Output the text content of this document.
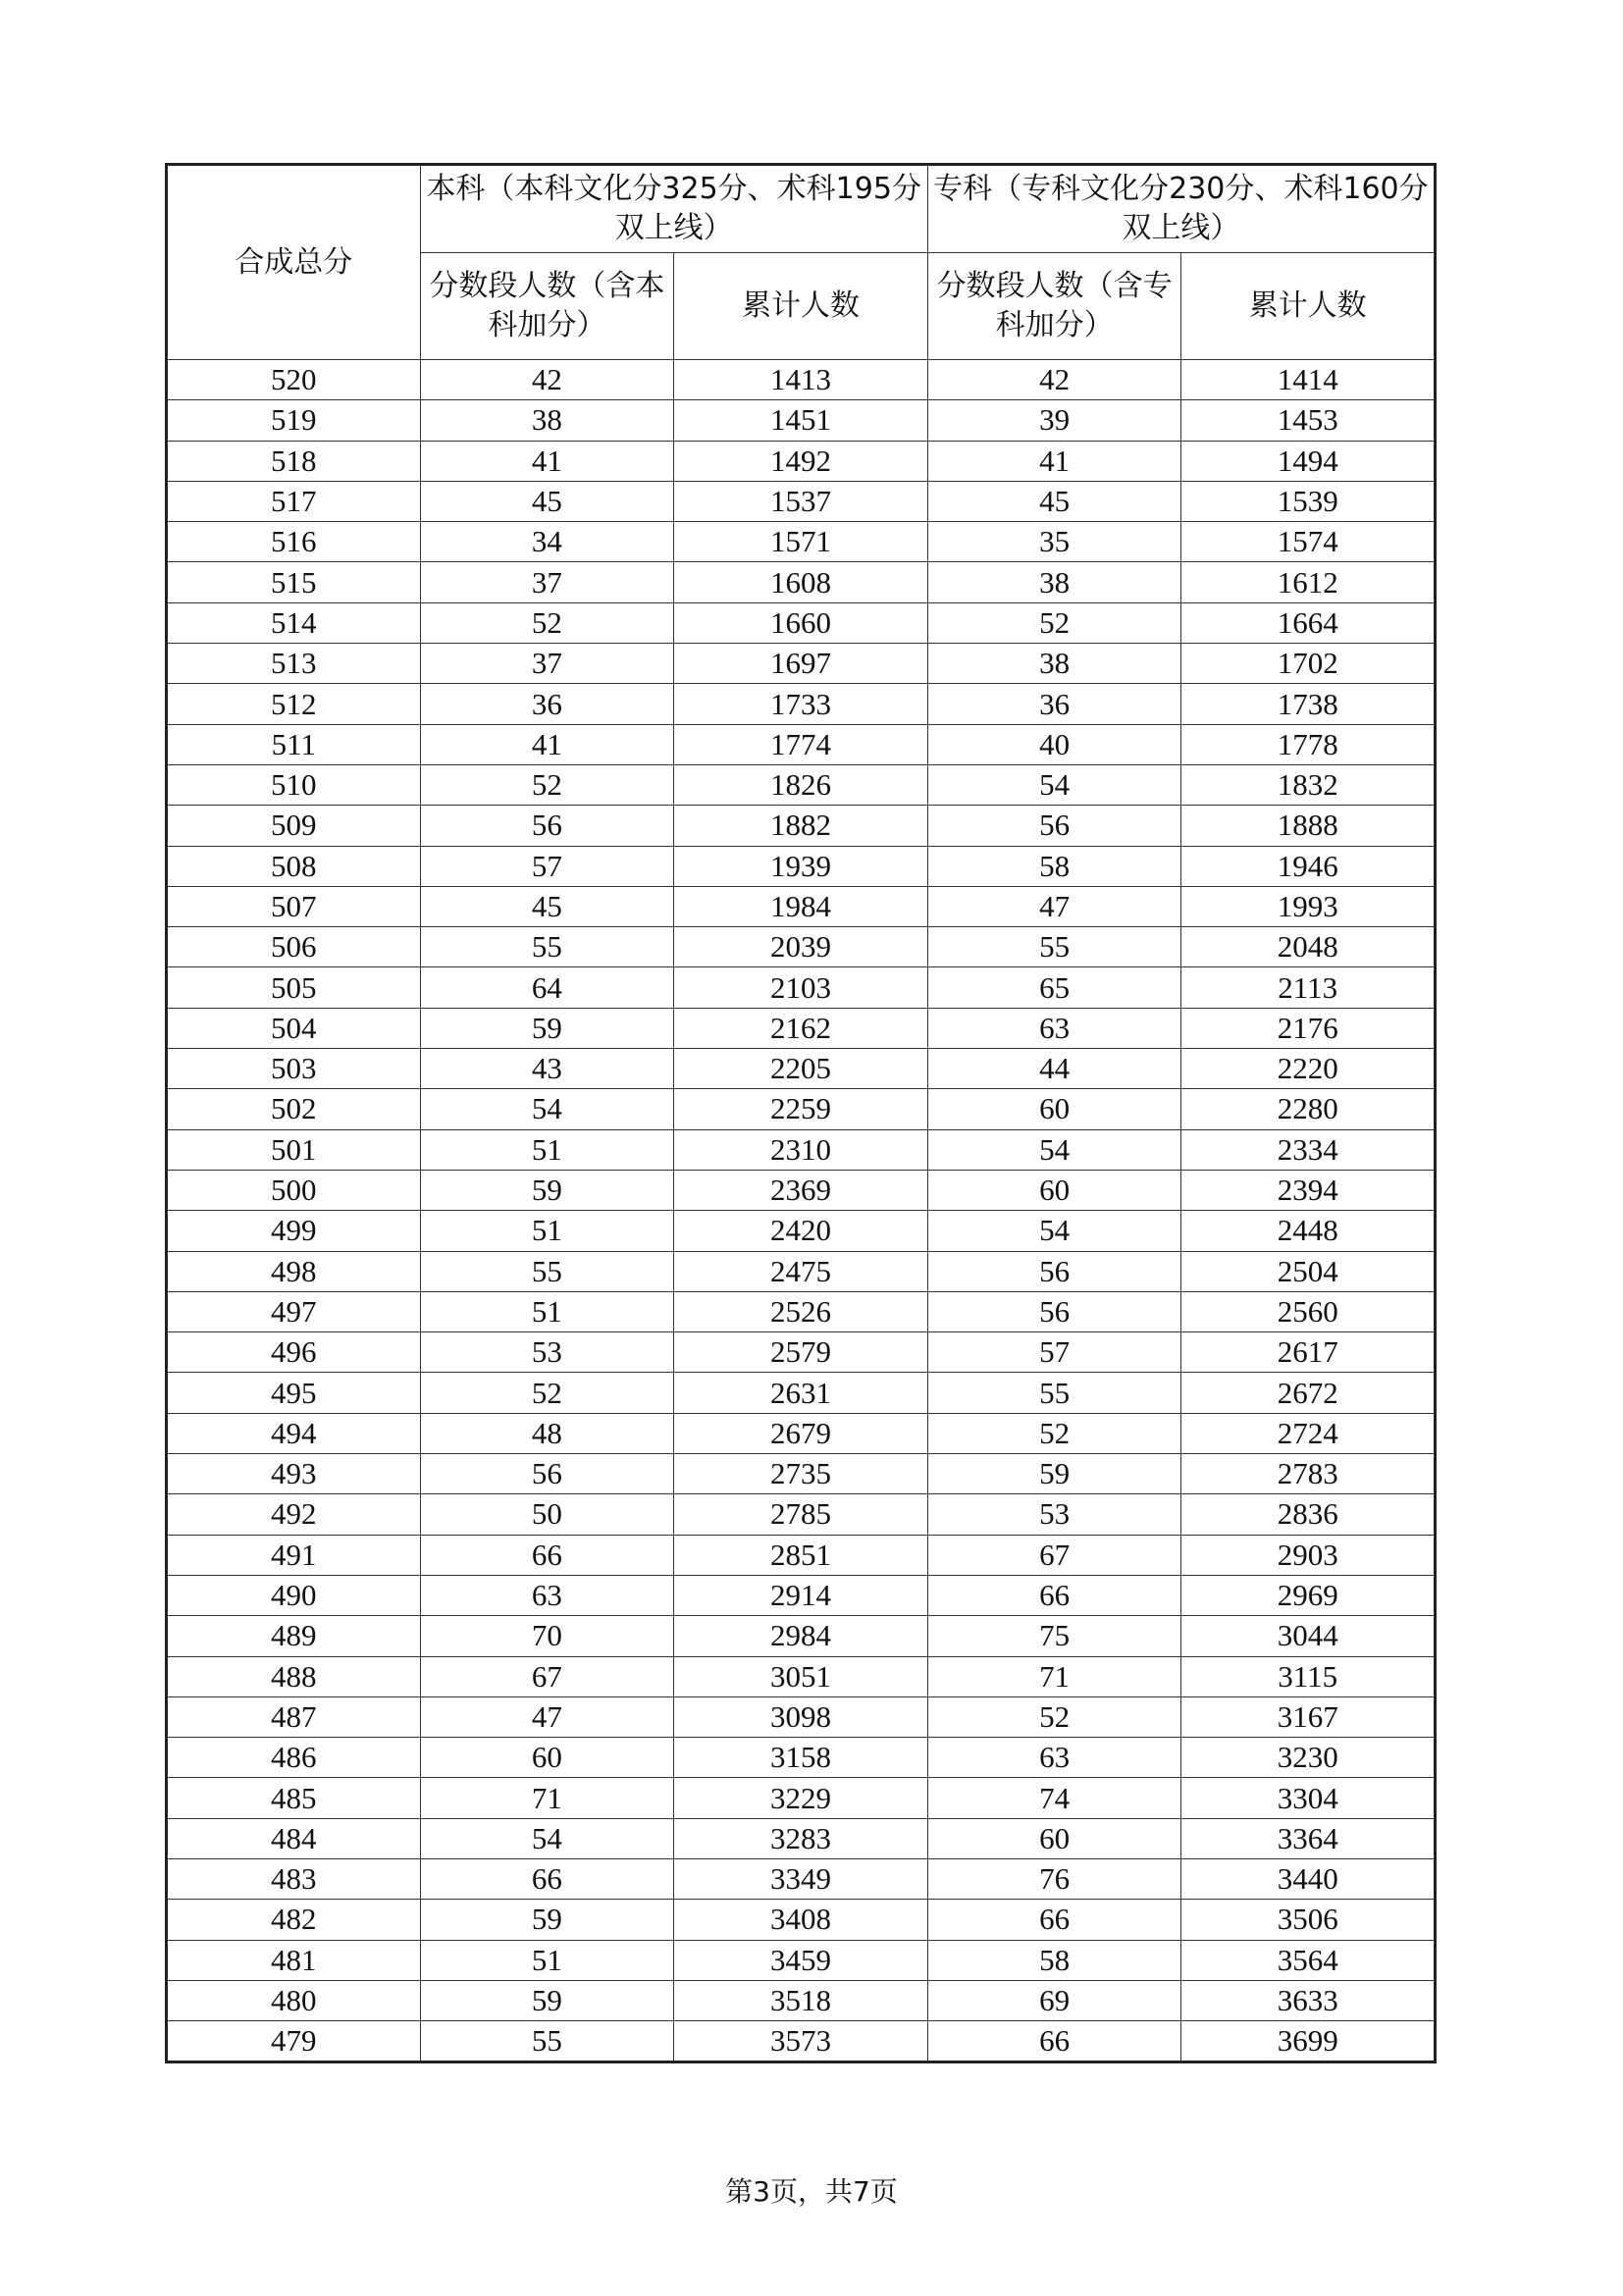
合成总分	本科（本科文化分325分、术科195分双上线）		专科（专科文化分230分、术科160分双上线）	
	分数段人数（含本科加分）	累计人数	分数段人数（含专科加分）	累计人数
520	42	1413	42	1414
519	38	1451	39	1453
518	41	1492	41	1494
517	45	1537	45	1539
516	34	1571	35	1574
515	37	1608	38	1612
514	52	1660	52	1664
513	37	1697	38	1702
512	36	1733	36	1738
511	41	1774	40	1778
510	52	1826	54	1832
509	56	1882	56	1888
508	57	1939	58	1946
507	45	1984	47	1993
506	55	2039	55	2048
505	64	2103	65	2113
504	59	2162	63	2176
503	43	2205	44	2220
502	54	2259	60	2280
501	51	2310	54	2334
500	59	2369	60	2394
499	51	2420	54	2448
498	55	2475	56	2504
497	51	2526	56	2560
496	53	2579	57	2617
495	52	2631	55	2672
494	48	2679	52	2724
493	56	2735	59	2783
492	50	2785	53	2836
491	66	2851	67	2903
490	63	2914	66	2969
489	70	2984	75	3044
488	67	3051	71	3115
487	47	3098	52	3167
486	60	3158	63	3230
485	71	3229	74	3304
484	54	3283	60	3364
483	66	3349	76	3440
482	59	3408	66	3506
481	51	3459	58	3564
480	59	3518	69	3633
479	55	3573	66	3699
第3页，共7页
